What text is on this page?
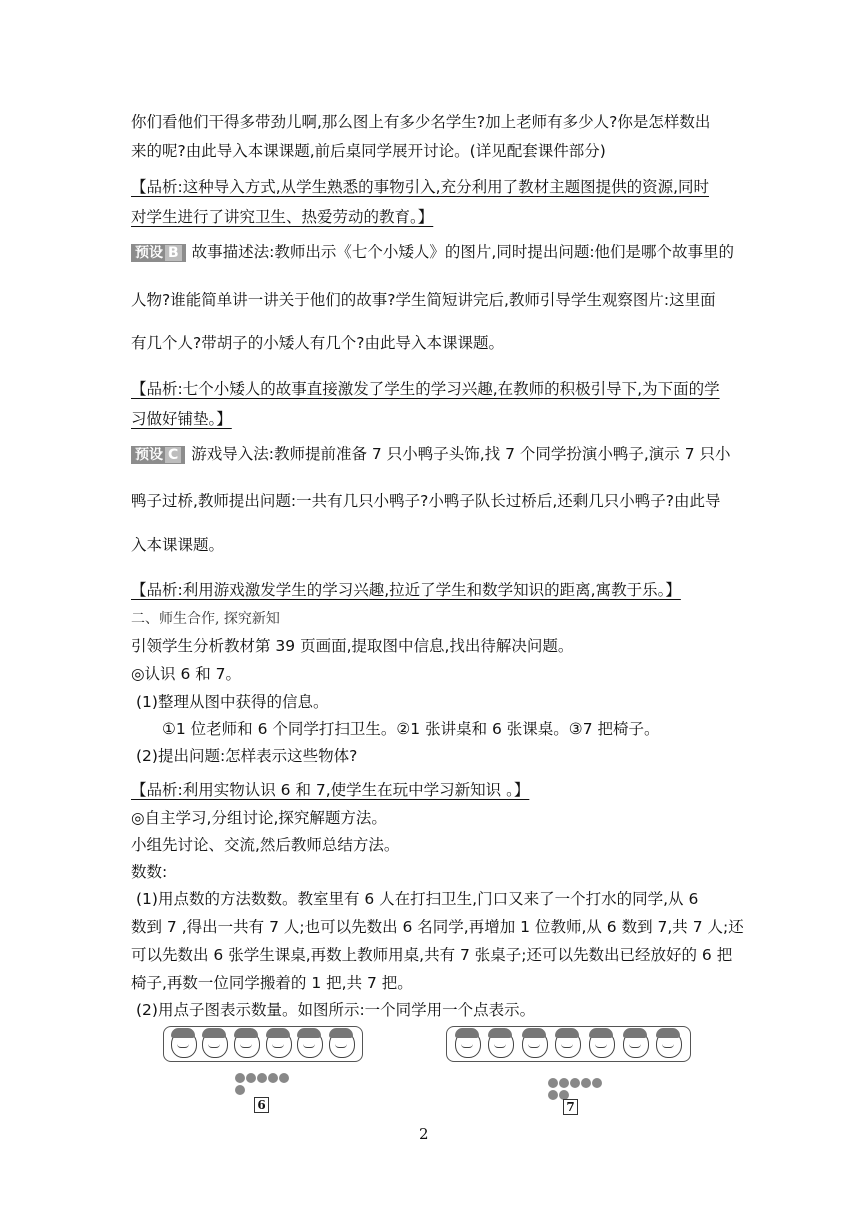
你们看他们干得多带劲儿啊,那么图上有多少名学生?加上老师有多少人?你是怎样数出
来的呢?由此导入本课课题,前后桌同学展开讨论。(详见配套课件部分)
【品析:这种导入方式,从学生熟悉的事物引入,充分利用了教材主题图提供的资源,同时
对学生进行了讲究卫生、热爱劳动的教育。】
预设 B 故事描述法:教师出示《七个小矮人》的图片,同时提出问题:他们是哪个故事里的
人物?谁能简单讲一讲关于他们的故事?学生简短讲完后,教师引导学生观察图片:这里面
有几个人?带胡子的小矮人有几个?由此导入本课课题。
【品析:七个小矮人的故事直接激发了学生的学习兴趣,在教师的积极引导下,为下面的学
习做好铺垫。】
预设 C 游戏导入法:教师提前准备 7 只小鸭子头饰,找 7 个同学扮演小鸭子,演示 7 只小
鸭子过桥,教师提出问题:一共有几只小鸭子?小鸭子队长过桥后,还剩几只小鸭子?由此导
入本课课题。
【品析:利用游戏激发学生的学习兴趣,拉近了学生和数学知识的距离,寓教于乐。】
二、师生合作, 探究新知
引领学生分析教材第 39 页画面,提取图中信息,找出待解决问题。
◎认识 6 和 7。
(1)整理从图中获得的信息。
①1 位老师和 6 个同学打扫卫生。②1 张讲桌和 6 张课桌。③7 把椅子。
(2)提出问题:怎样表示这些物体?
【品析:利用实物认识 6 和 7,使学生在玩中学习新知识 。】
◎自主学习,分组讨论,探究解题方法。
小组先讨论、交流,然后教师总结方法。
数数:
(1)用点数的方法数数。教室里有 6 人在打扫卫生,门口又来了一个打水的同学,从 6
数到 7 ,得出一共有 7 人;也可以先数出 6 名同学,再增加 1 位教师,从 6 数到 7,共 7 人;还
可以先数出 6 张学生课桌,再数上教师用桌,共有 7 张桌子;还可以先数出已经放好的 6 把
椅子,再数一位同学搬着的 1 把,共 7 把。
(2)用点子图表示数量。如图所示:一个同学用一个点表示。
6	7
2
